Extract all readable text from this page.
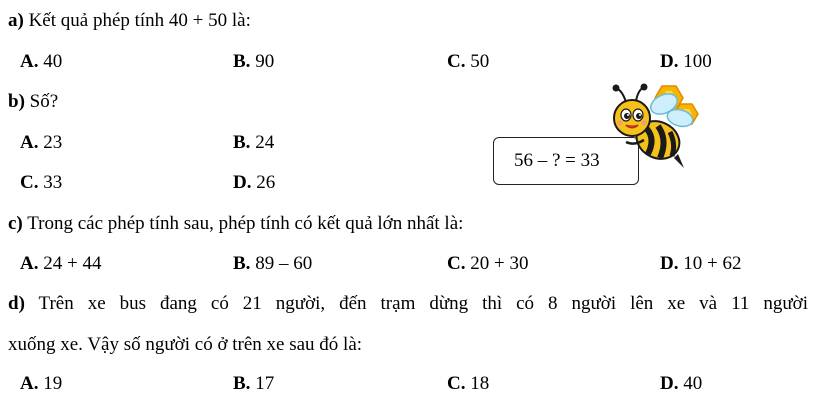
a) Kết quả phép tính 40 + 50 là:
A. 40	B. 90	C. 50	D. 100
b) Số?
A. 23	B. 24
C. 33	D. 26
56 – ? = 33
c) Trong các phép tính sau, phép tính có kết quả lớn nhất là:
A. 24 + 44	B. 89 – 60	C. 20 + 30	D. 10 + 62
d) Trên xe bus đang có 21 người, đến trạm dừng thì có 8 người lên xe và 11 người
xuống xe. Vậy số người có ở trên xe sau đó là:
A. 19	B. 17	C. 18	D. 40
